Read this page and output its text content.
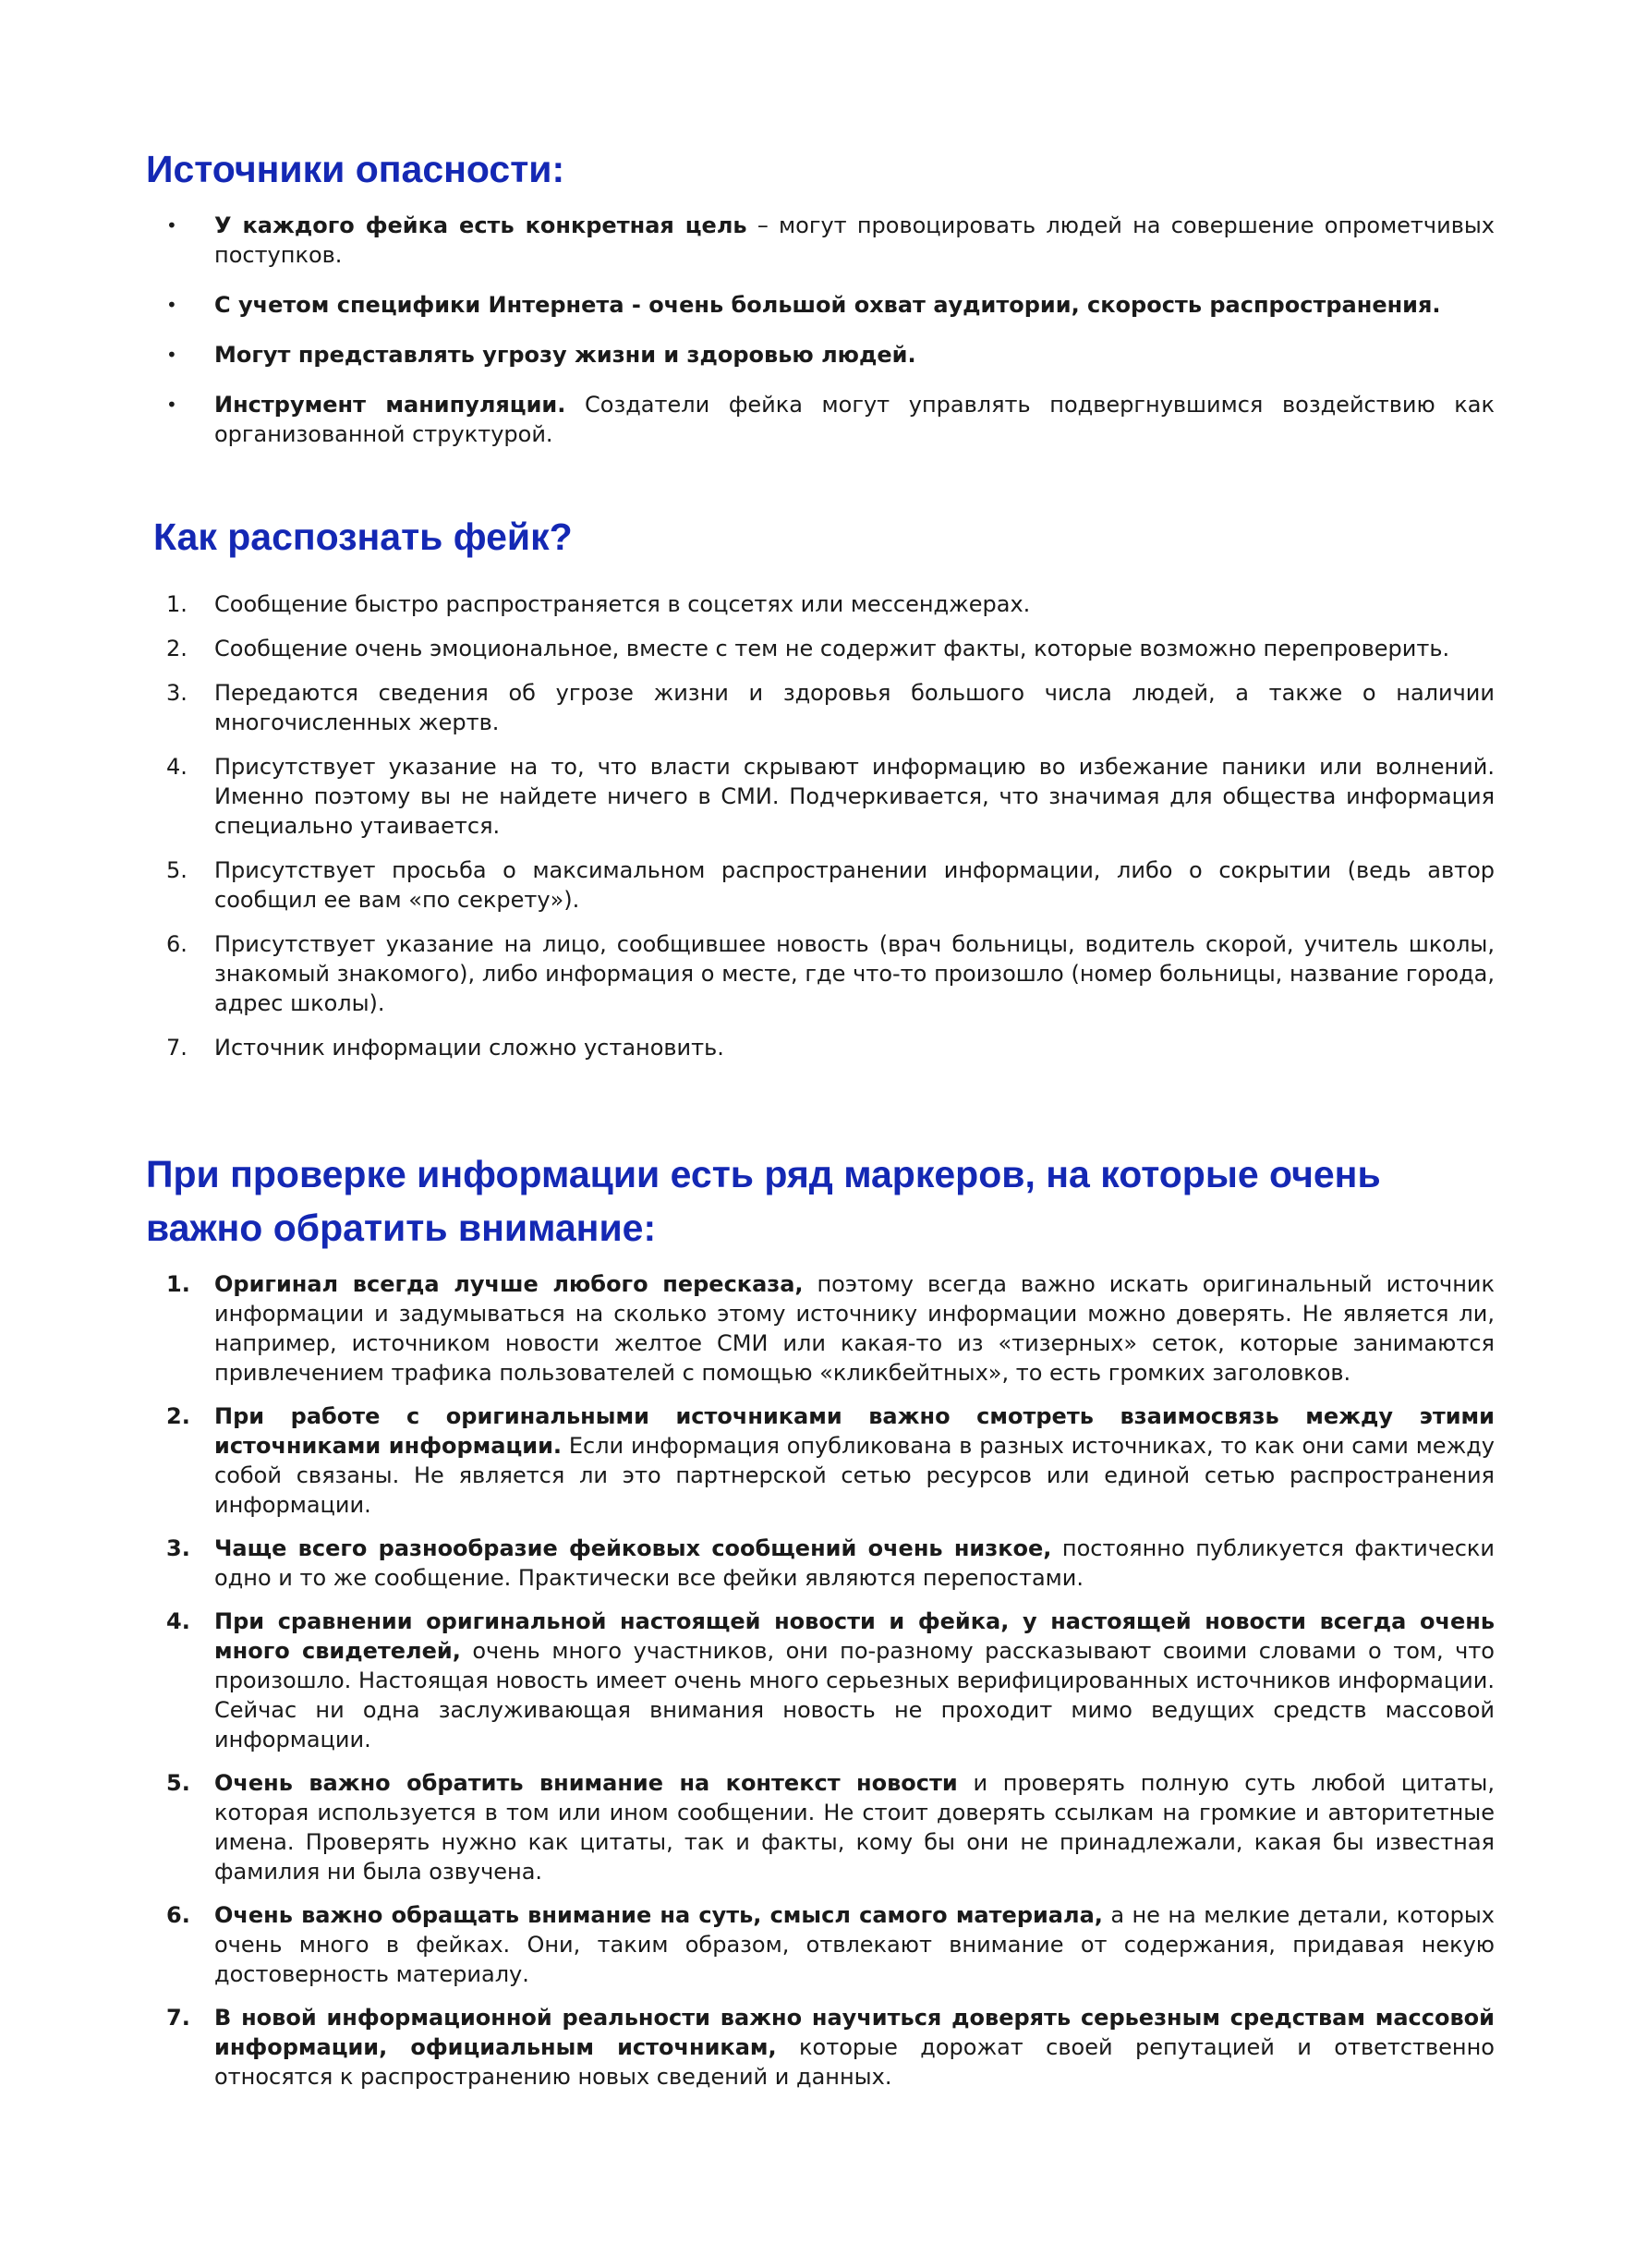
Источники опасности:
• У каждого фейка есть конкретная цель – могут провоцировать людей на совершение опрометчивых поступков.
• С учетом специфики Интернета - очень большой охват аудитории, скорость распространения.
• Могут представлять угрозу жизни и здоровью людей.
• Инструмент манипуляции. Создатели фейка могут управлять подвергнувшимся воздействию как организованной структурой.
Как распознать фейк?
1. Сообщение быстро распространяется в соцсетях или мессенджерах.
2. Сообщение очень эмоциональное, вместе с тем не содержит факты, которые возможно перепроверить.
3. Передаются сведения об угрозе жизни и здоровья большого числа людей, а также о наличии многочисленных жертв.
4. Присутствует указание на то, что власти скрывают информацию во избежание паники или волнений. Именно поэтому вы не найдете ничего в СМИ. Подчеркивается, что значимая для общества информация специально утаивается.
5. Присутствует просьба о максимальном распространении информации, либо о сокрытии (ведь автор сообщил ее вам «по секрету»).
6. Присутствует указание на лицо, сообщившее новость (врач больницы, водитель скорой, учитель школы, знакомый знакомого), либо информация о месте, где что-то произошло (номер больницы, название города, адрес школы).
7. Источник информации сложно установить.
При проверке информации есть ряд маркеров, на которые очень важно обратить внимание:
1. Оригинал всегда лучше любого пересказа, поэтому всегда важно искать оригинальный источник информации и задумываться на сколько этому источнику информации можно доверять. Не является ли, например, источником новости желтое СМИ или какая-то из «тизерных» сеток, которые занимаются привлечением трафика пользователей с помощью «кликбейтных», то есть громких заголовков.
2. При работе с оригинальными источниками важно смотреть взаимосвязь между этими источниками информации. Если информация опубликована в разных источниках, то как они сами между собой связаны. Не является ли это партнерской сетью ресурсов или единой сетью распространения информации.
3. Чаще всего разнообразие фейковых сообщений очень низкое, постоянно публикуется фактически одно и то же сообщение. Практически все фейки являются перепостами.
4. При сравнении оригинальной настоящей новости и фейка, у настоящей новости всегда очень много свидетелей, очень много участников, они по-разному рассказывают своими словами о том, что произошло. Настоящая новость имеет очень много серьезных верифицированных источников информации. Сейчас ни одна заслуживающая внимания новость не проходит мимо ведущих средств массовой информации.
5. Очень важно обратить внимание на контекст новости и проверять полную суть любой цитаты, которая используется в том или ином сообщении. Не стоит доверять ссылкам на громкие и авторитетные имена. Проверять нужно как цитаты, так и факты, кому бы они не принадлежали, какая бы известная фамилия ни была озвучена.
6. Очень важно обращать внимание на суть, смысл самого материала, а не на мелкие детали, которых очень много в фейках. Они, таким образом, отвлекают внимание от содержания, придавая некую достоверность материалу.
7. В новой информационной реальности важно научиться доверять серьезным средствам массовой информации, официальным источникам, которые дорожат своей репутацией и ответственно относятся к распространению новых сведений и данных.
